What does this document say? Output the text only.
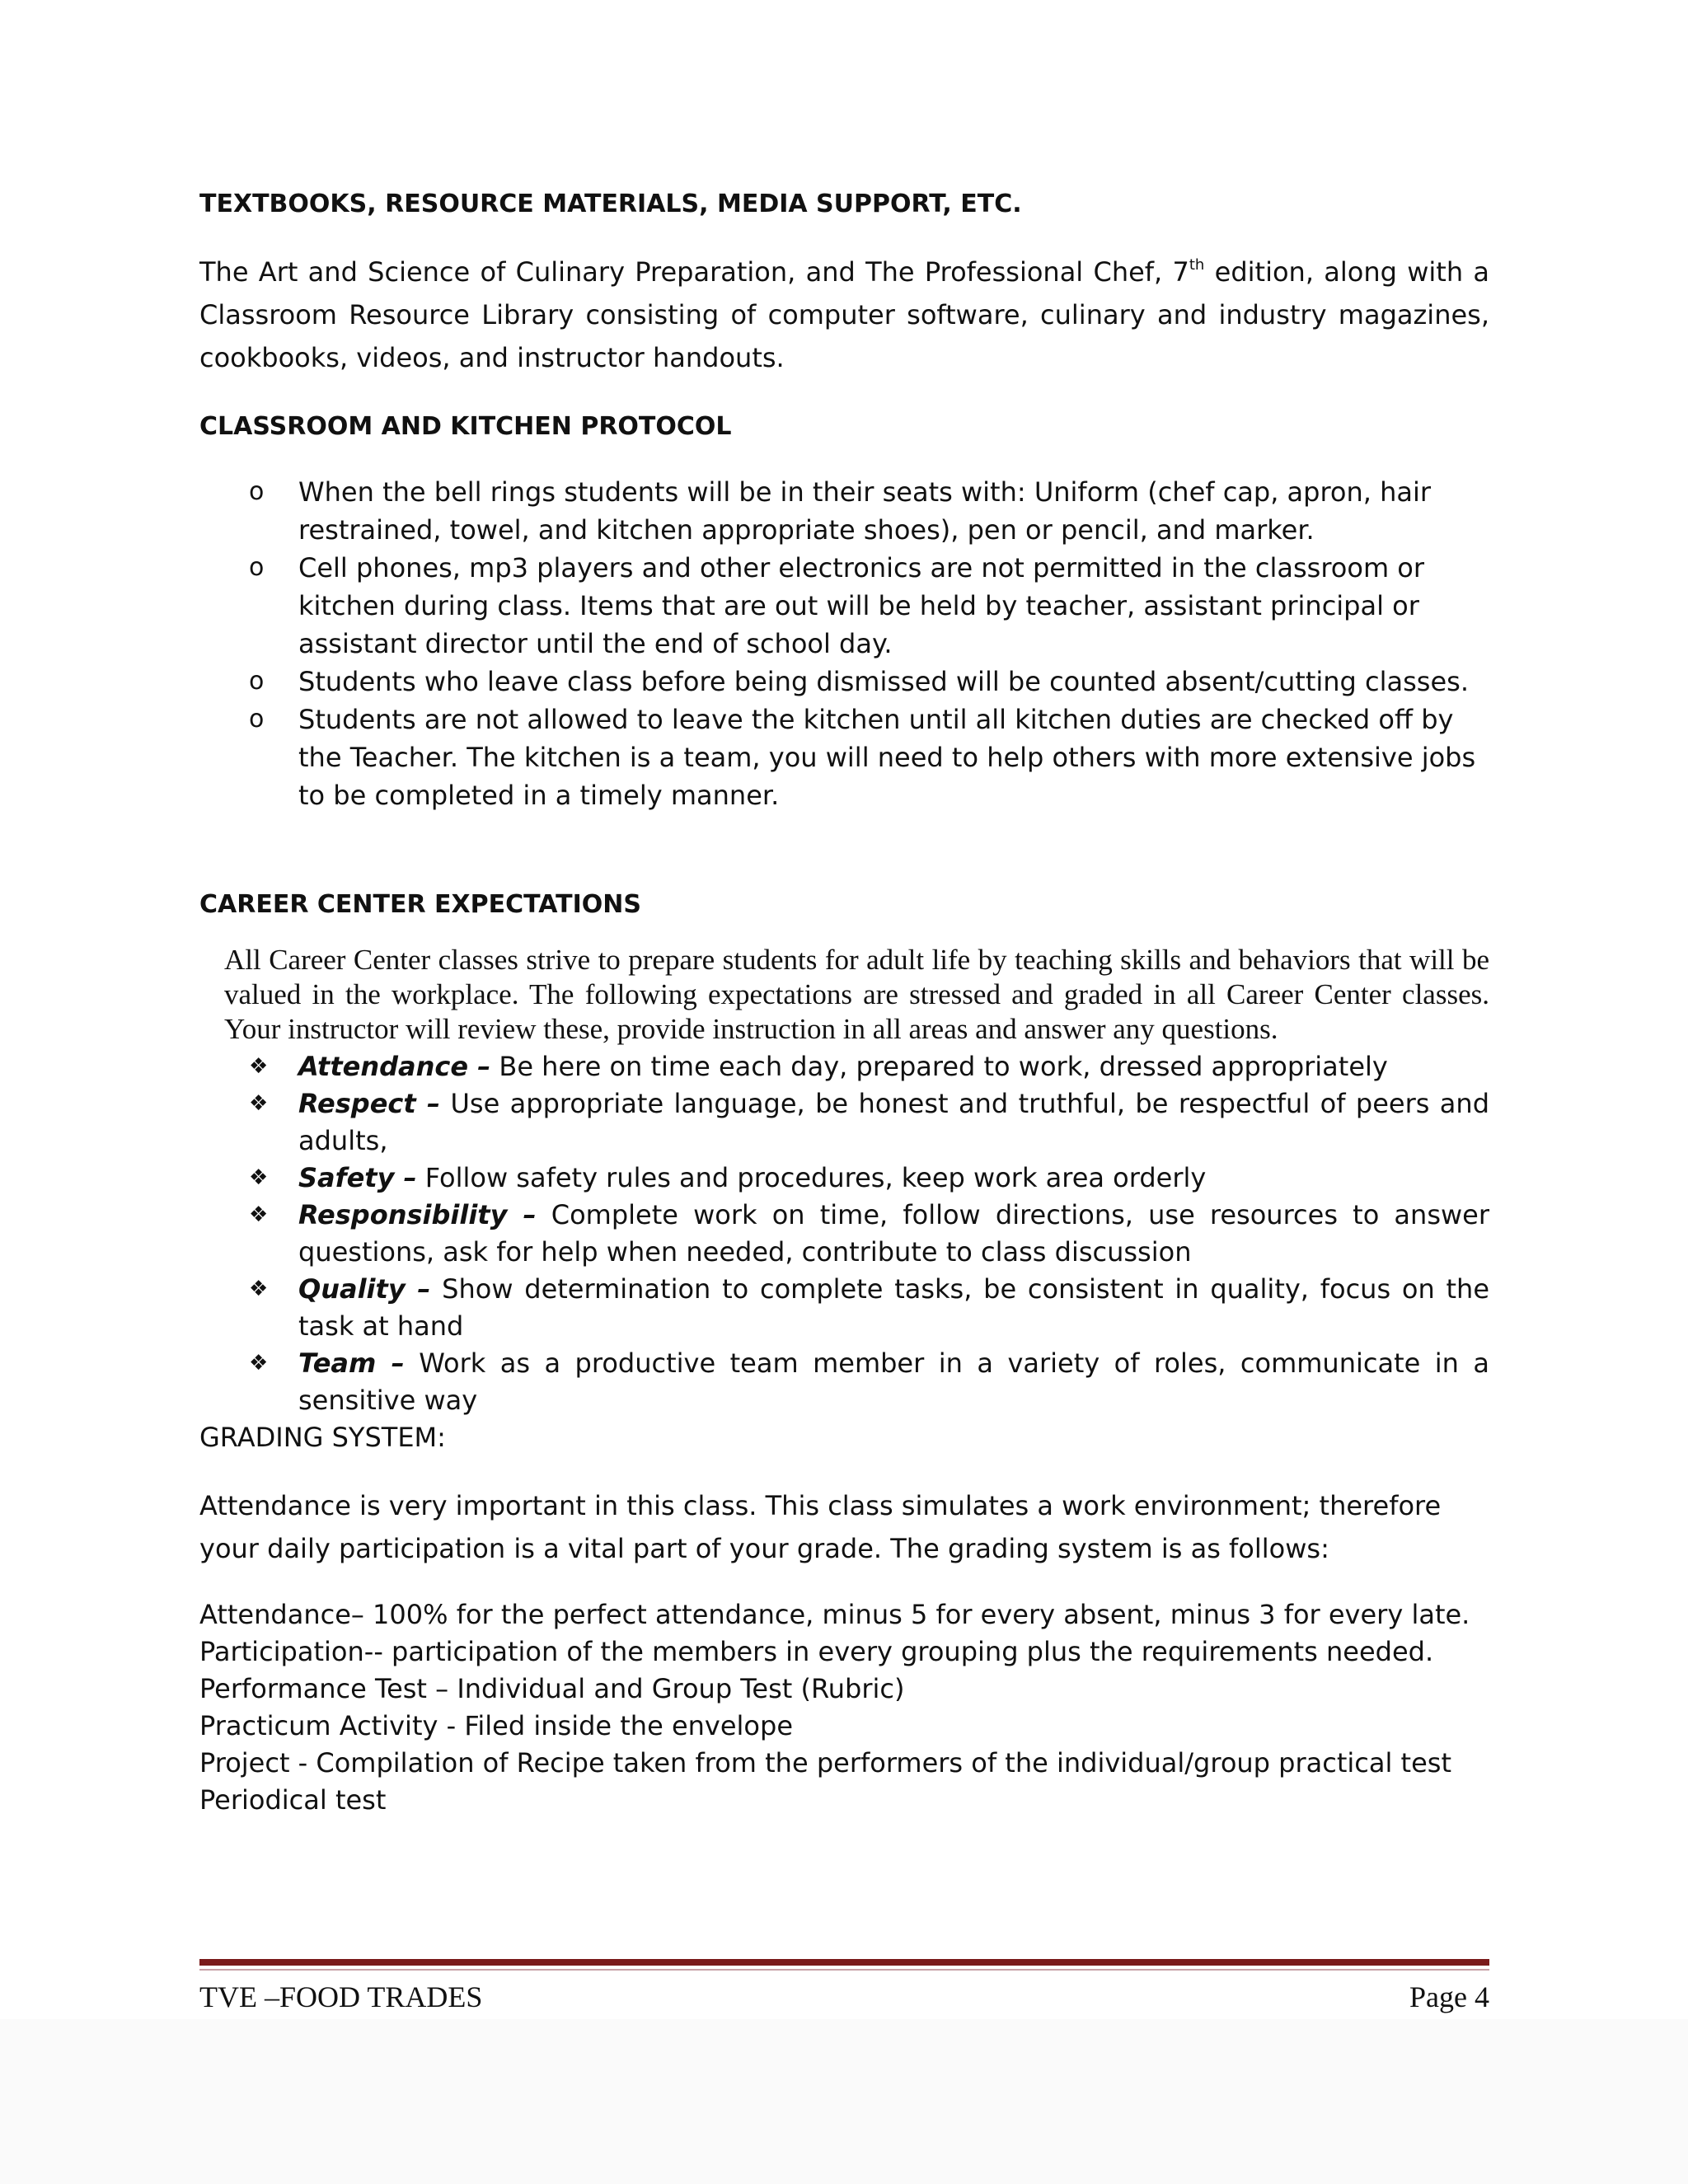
TEXTBOOKS, RESOURCE MATERIALS, MEDIA SUPPORT, ETC.

The Art and Science of Culinary Preparation, and The Professional Chef, 7th edition, along with a Classroom Resource Library consisting of computer software, culinary and industry magazines, cookbooks, videos, and instructor handouts.

CLASSROOM AND KITCHEN PROTOCOL

o	When the bell rings students will be in their seats with: Uniform (chef cap, apron, hair restrained, towel, and kitchen appropriate shoes), pen or pencil, and marker.
o	Cell phones, mp3 players and other electronics are not permitted in the classroom or kitchen during class. Items that are out will be held by teacher, assistant principal or assistant director until the end of school day.
o	Students who leave class before being dismissed will be counted absent/cutting classes.
o	Students are not allowed to leave the kitchen until all kitchen duties are checked off by the Teacher. The kitchen is a team, you will need to help others with more extensive jobs to be completed in a timely manner.

CAREER CENTER EXPECTATIONS

All Career Center classes strive to prepare students for adult life by teaching skills and behaviors that will be valued in the workplace. The following expectations are stressed and graded in all Career Center classes. Your instructor will review these, provide instruction in all areas and answer any questions.

❖	Attendance – Be here on time each day, prepared to work, dressed appropriately
❖	Respect – Use appropriate language, be honest and truthful, be respectful of peers and adults,
❖	Safety – Follow safety rules and procedures, keep work area orderly
❖	Responsibility – Complete work on time, follow directions, use resources to answer questions, ask for help when needed, contribute to class discussion
❖	Quality – Show determination to complete tasks, be consistent in quality, focus on the task at hand
❖	Team – Work as a productive team member in a variety of roles, communicate in a sensitive way

GRADING SYSTEM:

Attendance is very important in this class. This class simulates a work environment; therefore your daily participation is a vital part of your grade. The grading system is as follows:

Attendance– 100% for the perfect attendance, minus 5 for every absent, minus 3 for every late.

Participation-- participation of the members in every grouping plus the requirements needed.

Performance Test – Individual and Group Test (Rubric)

Practicum Activity - Filed inside the envelope

Project - Compilation of Recipe taken from the performers of the individual/group practical test

Periodical test

TVE –FOOD TRADES	Page 4
